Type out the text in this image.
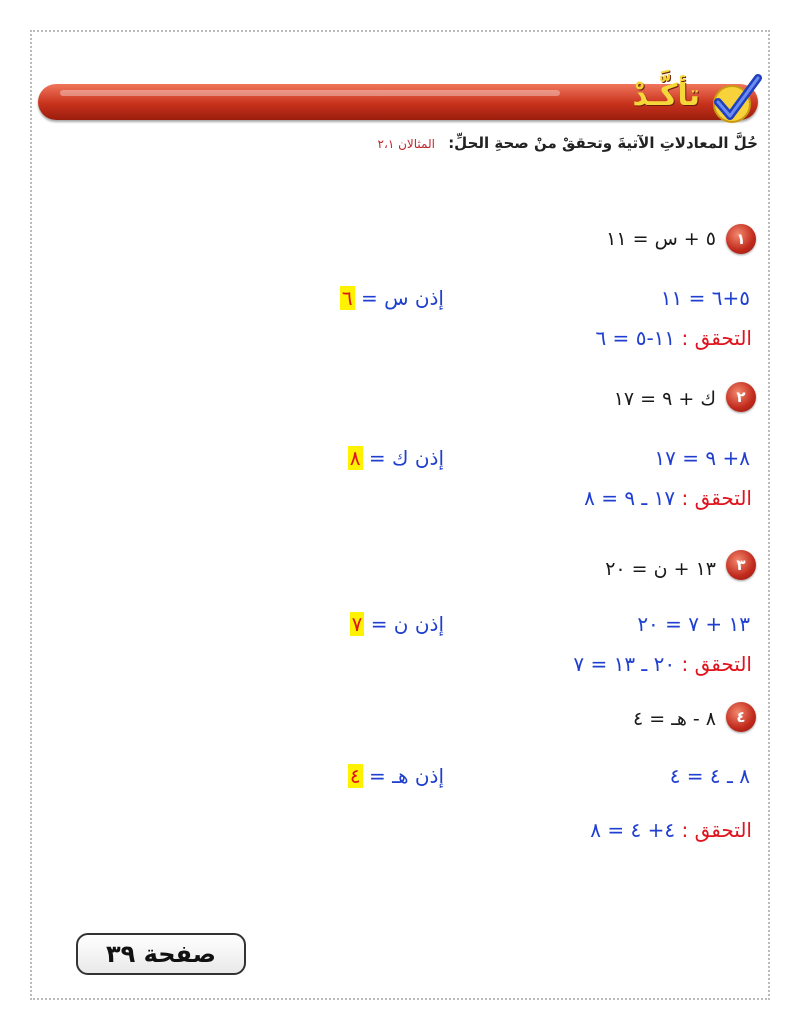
تأكَّـدْ
حُلَّ المعادلاتِ الآتيةَ وتحققْ منْ صحةِ الحلِّ: المثالان ٢،١
١
٥ + س = ١١
٥+٦ = ١١
إذن س = ٦
التحقق : ١١-٥ = ٦
٢
ك + ٩ = ١٧
٨+ ٩ = ١٧
إذن ك = ٨
التحقق : ١٧ ـ ٩ = ٨
٣
١٣ + ن = ٢٠
١٣ + ٧ = ٢٠
إذن ن = ٧
التحقق : ٢٠ ـ ١٣ = ٧
٤
٨ - هـ = ٤
٨ ـ ٤ = ٤
إذن هـ = ٤
التحقق : ٤+ ٤ = ٨
صفحة ٣٩
